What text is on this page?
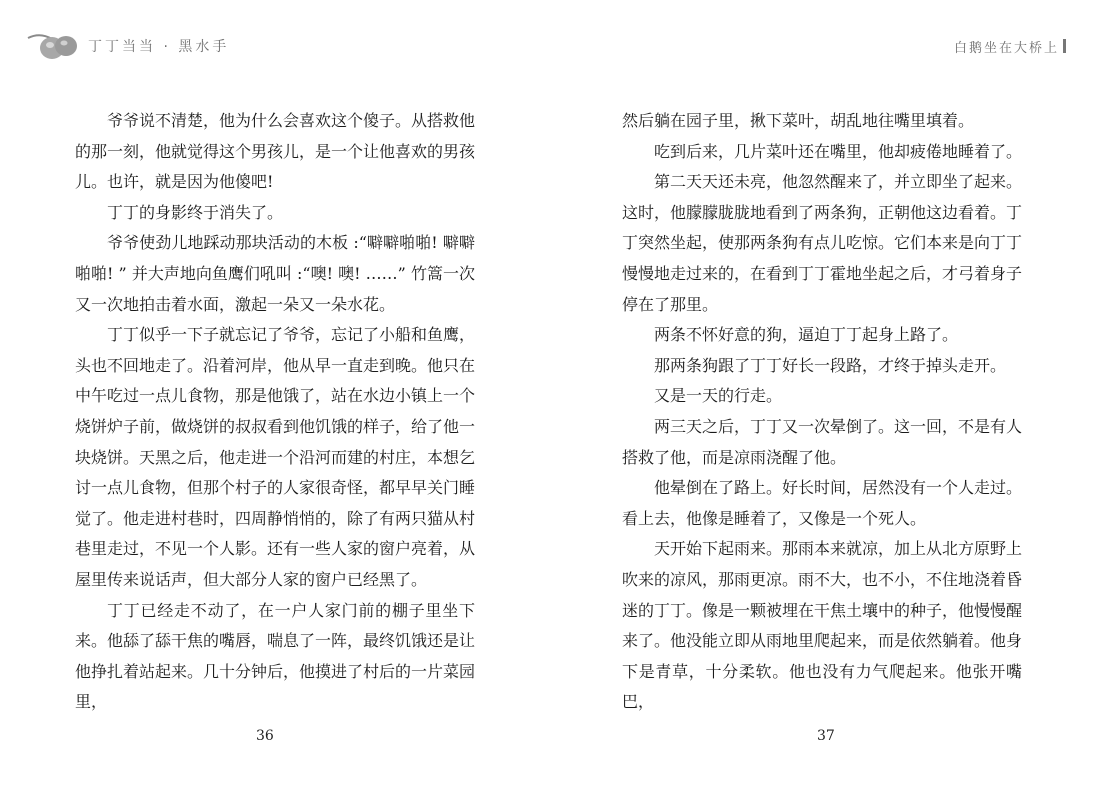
丁丁当当 · 黑水手	白鹅坐在大桥上

爷爷说不清楚，他为什么会喜欢这个傻子。从搭救他的那一刻，他就觉得这个男孩儿，是一个让他喜欢的男孩儿。也许，就是因为他傻吧!

丁丁的身影终于消失了。

爷爷使劲儿地踩动那块活动的木板 :“噼噼啪啪! 噼噼啪啪! ” 并大声地向鱼鹰们吼叫 :“噢! 噢! ……” 竹篙一次又一次地拍击着水面，激起一朵又一朵水花。

丁丁似乎一下子就忘记了爷爷，忘记了小船和鱼鹰，头也不回地走了。沿着河岸，他从早一直走到晚。他只在中午吃过一点儿食物，那是他饿了，站在水边小镇上一个烧饼炉子前，做烧饼的叔叔看到他饥饿的样子，给了他一块烧饼。天黑之后，他走进一个沿河而建的村庄，本想乞讨一点儿食物，但那个村子的人家很奇怪，都早早关门睡觉了。他走进村巷时，四周静悄悄的，除了有两只猫从村巷里走过，不见一个人影。还有一些人家的窗户亮着，从屋里传来说话声，但大部分人家的窗户已经黑了。

丁丁已经走不动了，在一户人家门前的棚子里坐下来。他舔了舔干焦的嘴唇，喘息了一阵，最终饥饿还是让他挣扎着站起来。几十分钟后，他摸进了村后的一片菜园里，

然后躺在园子里，揪下菜叶，胡乱地往嘴里填着。

吃到后来，几片菜叶还在嘴里，他却疲倦地睡着了。

第二天天还未亮，他忽然醒来了，并立即坐了起来。这时，他朦朦胧胧地看到了两条狗，正朝他这边看着。丁丁突然坐起，使那两条狗有点儿吃惊。它们本来是向丁丁慢慢地走过来的，在看到丁丁霍地坐起之后，才弓着身子停在了那里。

两条不怀好意的狗，逼迫丁丁起身上路了。

那两条狗跟了丁丁好长一段路，才终于掉头走开。

又是一天的行走。

两三天之后，丁丁又一次晕倒了。这一回，不是有人搭救了他，而是凉雨浇醒了他。

他晕倒在了路上。好长时间，居然没有一个人走过。看上去，他像是睡着了，又像是一个死人。

天开始下起雨来。那雨本来就凉，加上从北方原野上吹来的凉风，那雨更凉。雨不大，也不小，不住地浇着昏迷的丁丁。像是一颗被埋在干焦土壤中的种子，他慢慢醒来了。他没能立即从雨地里爬起来，而是依然躺着。他身下是青草，十分柔软。他也没有力气爬起来。他张开嘴巴，

36	37
